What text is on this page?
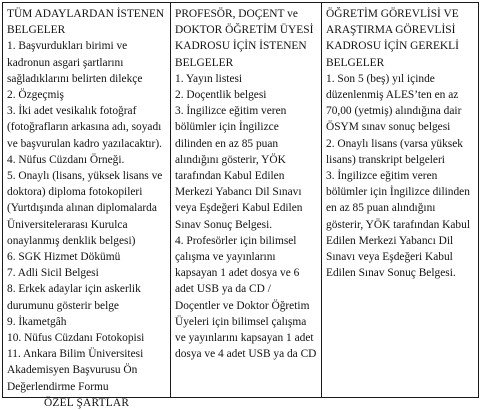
TÜM ADAYLARDAN İSTENEN BELGELER
1. Başvurdukları birimi ve kadronun asgari şartlarını sağladıklarını belirten dilekçe
2. Özgeçmiş
3. İki adet vesikalık fotoğraf (fotoğrafların arkasına adı, soyadı ve başvurulan kadro yazılacaktır).
4. Nüfus Cüzdanı Örneği.
5. Onaylı (lisans, yüksek lisans ve doktora) diploma fotokopileri (Yurtdışında alınan diplomalarda Üniversitelerarası Kurulca onaylanmış denklik belgesi)
6. SGK Hizmet Dökümü
7. Adli Sicil Belgesi
8. Erkek adaylar için askerlik durumunu gösterir belge
9. İkametgâh
10. Nüfus Cüzdanı Fotokopisi
11. Ankara Bilim Üniversitesi Akademisyen Başvurusu Ön Değerlendirme Formu

PROFESÖR, DOÇENT ve DOKTOR ÖĞRETİM ÜYESİ KADROSU İÇİN İSTENEN BELGELER
1. Yayın listesi
2. Doçentlik belgesi
3. İngilizce eğitim veren bölümler için İngilizce dilinden en az 85 puan alındığını gösterir, YÖK tarafından Kabul Edilen Merkezi Yabancı Dil Sınavı veya Eşdeğeri Kabul Edilen Sınav Sonuç Belgesi.
4. Profesörler için bilimsel çalışma ve yayınlarını kapsayan 1 adet dosya ve 6 adet USB ya da CD / Doçentler ve Doktor Öğretim Üyeleri için bilimsel çalışma ve yayınlarını kapsayan 1 adet dosya ve 4 adet USB ya da CD

ÖĞRETİM GÖREVLİSİ VE ARAŞTIRMA GÖREVLİSİ KADROSU İÇİN GEREKLİ BELGELER
1. Son 5 (beş) yıl içinde düzenlenmiş ALES’ten en az 70,00 (yetmiş) alındığına dair ÖSYM sınav sonuç belgesi
2. Onaylı lisans (varsa yüksek lisans) transkript belgeleri
3. İngilizce eğitim veren bölümler için İngilizce dilinden en az 85 puan alındığını gösterir, YÖK tarafından Kabul Edilen Merkezi Yabancı Dil Sınavı veya Eşdeğeri Kabul Edilen Sınav Sonuç Belgesi.
ÖZEL ŞARTLAR
